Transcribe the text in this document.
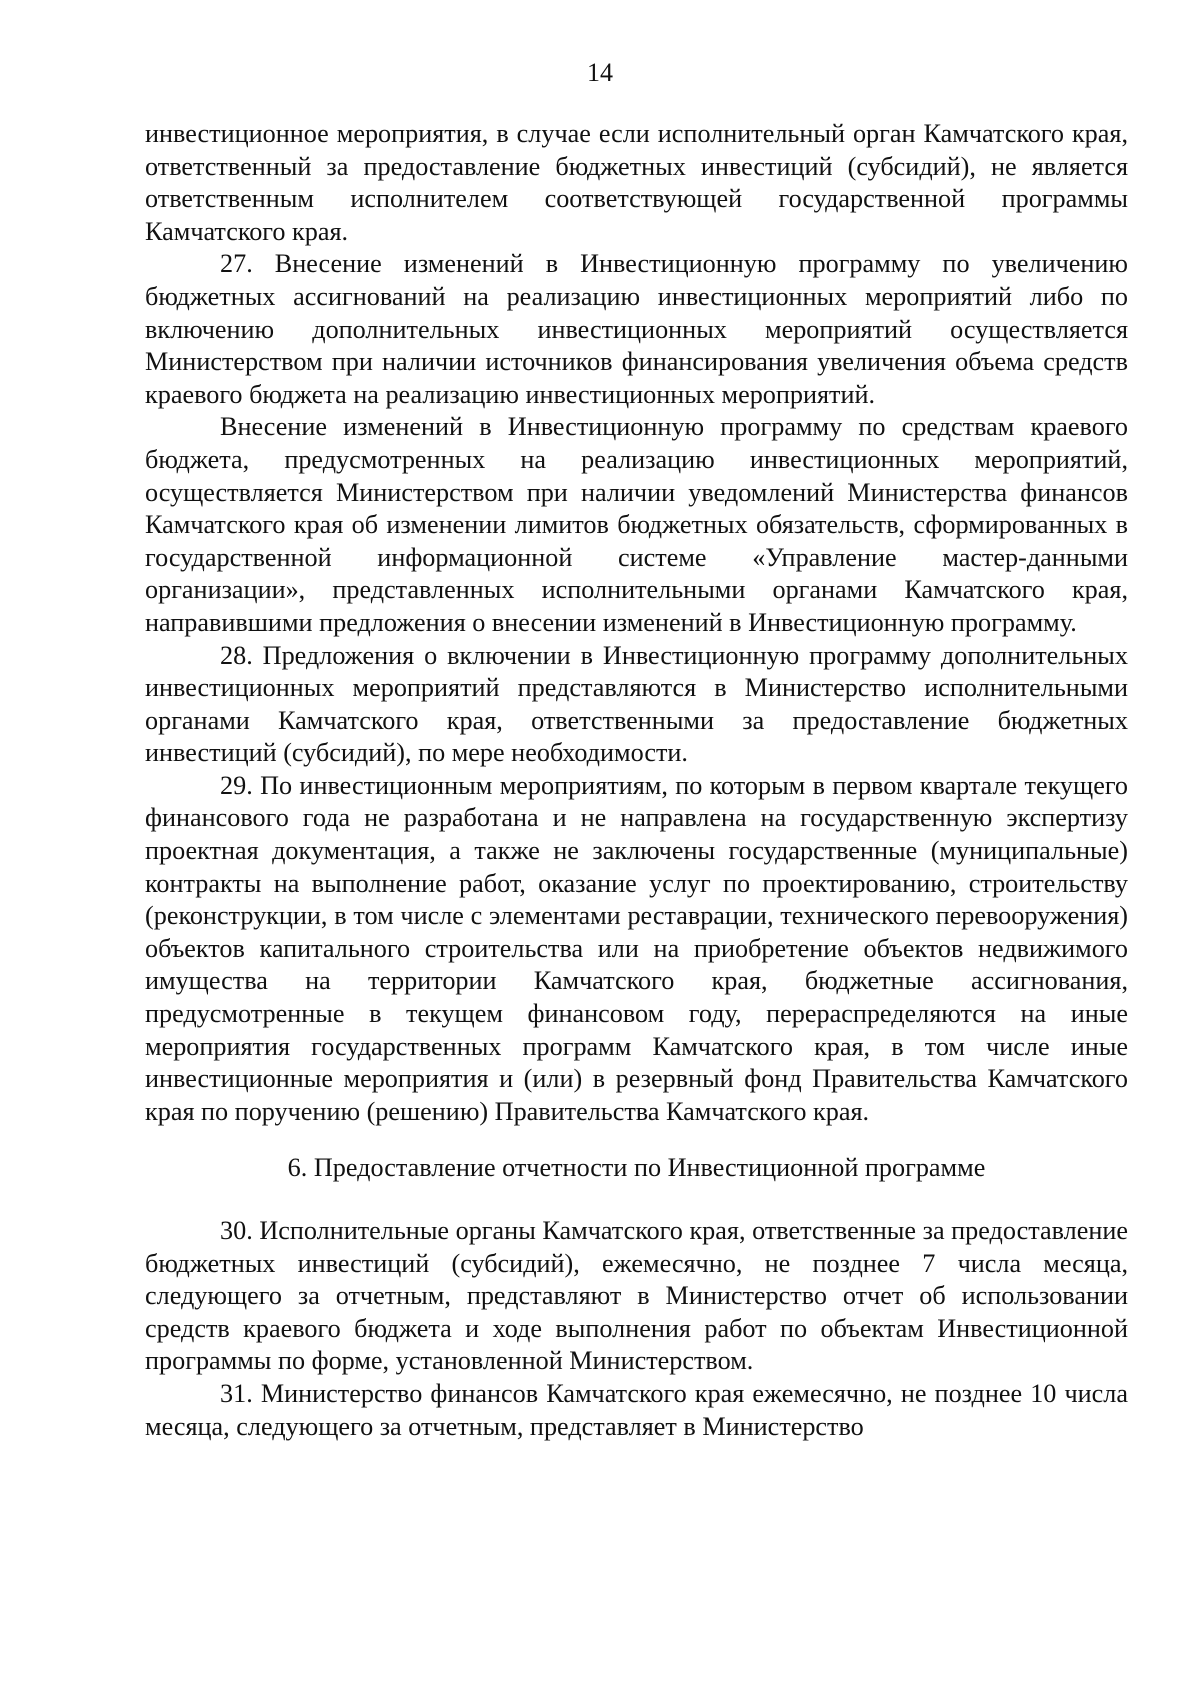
14

инвестиционное мероприятия, в случае если исполнительный орган Камчатского края, ответственный за предоставление бюджетных инвестиций (субсидий), не является ответственным исполнителем соответствующей государственной программы Камчатского края.

27. Внесение изменений в Инвестиционную программу по увеличению бюджетных ассигнований на реализацию инвестиционных мероприятий либо по включению дополнительных инвестиционных мероприятий осуществляется Министерством при наличии источников финансирования увеличения объема средств краевого бюджета на реализацию инвестиционных мероприятий.

Внесение изменений в Инвестиционную программу по средствам краевого бюджета, предусмотренных на реализацию инвестиционных мероприятий, осуществляется Министерством при наличии уведомлений Министерства финансов Камчатского края об изменении лимитов бюджетных обязательств, сформированных в государственной информационной системе «Управление мастер-данными организации», представленных исполнительными органами Камчатского края, направившими предложения о внесении изменений в Инвестиционную программу.

28. Предложения о включении в Инвестиционную программу дополнительных инвестиционных мероприятий представляются в Министерство исполнительными органами Камчатского края, ответственными за предоставление бюджетных инвестиций (субсидий), по мере необходимости.

29. По инвестиционным мероприятиям, по которым в первом квартале текущего финансового года не разработана и не направлена на государственную экспертизу проектная документация, а также не заключены государственные (муниципальные) контракты на выполнение работ, оказание услуг по проектированию, строительству (реконструкции, в том числе с элементами реставрации, технического перевооружения) объектов капитального строительства или на приобретение объектов недвижимого имущества на территории Камчатского края, бюджетные ассигнования, предусмотренные в текущем финансовом году, перераспределяются на иные мероприятия государственных программ Камчатского края, в том числе иные инвестиционные мероприятия и (или) в резервный фонд Правительства Камчатского края по поручению (решению) Правительства Камчатского края.

6. Предоставление отчетности по Инвестиционной программе

30. Исполнительные органы Камчатского края, ответственные за предоставление бюджетных инвестиций (субсидий), ежемесячно, не позднее 7 числа месяца, следующего за отчетным, представляют в Министерство отчет об использовании средств краевого бюджета и ходе выполнения работ по объектам Инвестиционной программы по форме, установленной Министерством.

31. Министерство финансов Камчатского края ежемесячно, не позднее 10 числа месяца, следующего за отчетным, представляет в Министерство
